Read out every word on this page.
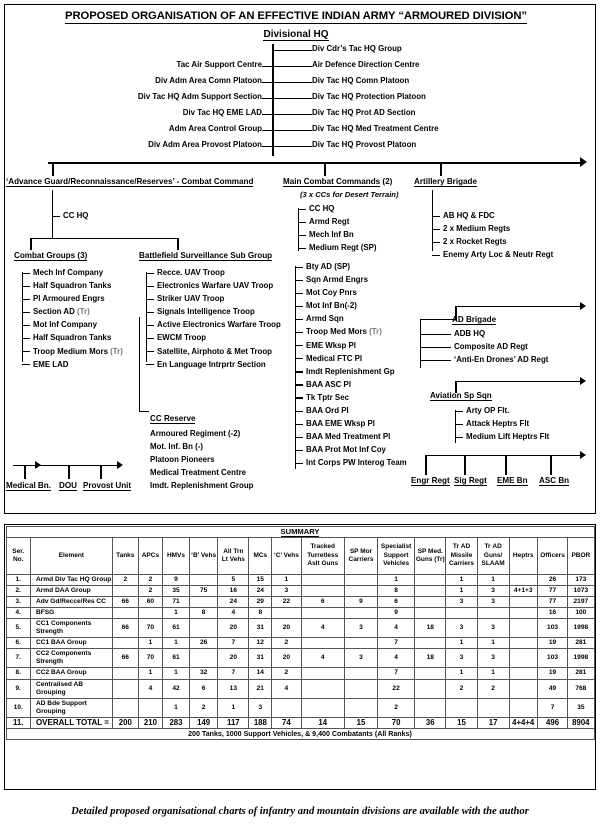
PROPOSED ORGANISATION OF AN EFFECTIVE INDIAN ARMY “ARMOURED DIVISION”
Divisional HQ
Div Cdr’s Tac HQ Group
Tac Air Support Centre	Air Defence Direction Centre
Div Adm Area Comn Platoon	Div Tac HQ Comn Platoon
Div Tac HQ Adm Support Section	Div Tac HQ Protection Platoon
Div Tac HQ EME LAD	Div Tac HQ Prot AD Section
Adm Area Control Group	Div Tac HQ Med Treatment Centre
Div Adm Area Provost Platoon	Div Tac HQ Provost Platoon
‘Advance Guard/Reconnaissance/Reserves’ - Combat Command
CC HQ
Combat Groups (3)
Mech Inf Company
Half Squadron Tanks
Pl Armoured Engrs
Section AD (Tr)
Mot Inf Company
Half Squadron Tanks
Troop Medium Mors (Tr)
EME LAD
Battlefield Surveillance Sub Group
Recce. UAV Troop
Electronics Warfare UAV Troop
Striker UAV Troop
Signals Intelligence Troop
Active Electronics Warfare Troop
EWCM Troop
Satellite, Airphoto & Met Troop
En Language Intrprtr Section
CC Reserve
Armoured Regiment (-2)
Mot. Inf. Bn (-)
Platoon Pioneers
Medical Treatment Centre
Imdt. Replenishment Group
Main Combat Commands (2)
(3 x CCs for Desert Terrain)
CC HQ
Armd Regt
Mech Inf Bn
Medium Regt (SP)
Bty AD (SP)
Sqn Armd Engrs
Mot Coy Pnrs
Mot Inf Bn(-2)
Armd Sqn
Troop Med Mors (Tr)
EME Wksp Pl
Medical FTC Pl
Imdt Replenishment Gp
BAA ASC Pl
Tk Tptr Sec
BAA Ord Pl
BAA EME Wksp Pl
BAA Med Treatment Pl
BAA Prot Mot Inf Coy
Int Corps PW Interog Team
Artillery Brigade
AB HQ & FDC
2 x Medium Regts
2 x Rocket Regts
Enemy Arty Loc & Neutr Regt
AD Brigade
ADB HQ
Composite AD Regt
‘Anti-En Drones’ AD Regt
Aviation Sp Sqn
Arty OP Flt.
Attack Heptrs Flt
Medium Lift Heptrs Flt
Engr Regt Sig Regt EME Bn ASC Bn
Medical Bn. DOU Provost Unit
SUMMARY																	
Ser. No.	Element	Tanks	APCs	HMVs	‘B’ Vehs	All Trn Lt Vehs	MCs	‘C’ Vehs	Tracked Turretless Aslt Guns	SP Mor Carriers	Specialist Support Vehicles	SP Med. Guns (Tr)	Tr AD Missile Carriers	Tr AD Guns/ SLAAM	Heptrs	Officers	PBOR
1.	Armd Div Tac HQ Group	2	2	9		5	15	1			1		1	1		26	173
2.	Armd DAA Group		2	35	75	16	24	3			8		1	3	4+1+3	77	1073
3.	Adv Gd/Recce/Res CC	66	60	71		24	29	22	6	9	6		3	3		77	2197
4.	BFSG			1	8	4	8				9					16	100
5.	CC1 Components Strength	66	70	61		20	31	20	4	3	4	18	3	3		103	1998
6.	CC1 BAA Group		1	1	26	7	12	2			7		1	1		19	281
7.	CC2 Components Strength	66	70	61		20	31	20	4	3	4	18	3	3		103	1998
8.	CC2 BAA Group		1	1	32	7	14	2			7		1	1		19	281
9.	Centralised AB Grouping		4	42	6	13	21	4			22		2	2		49	768
10.	AD Bde Support Grouping			1	2	1	3				2					7	35
11.	OVERALL TOTAL =	200	210	283	149	117	188	74	14	15	70	36	15	17	4+4+4	496	8904
200 Tanks, 1000 Support Vehicles, & 9,400 Combatants (All Ranks)																	
Detailed proposed organisational charts of infantry and mountain divisions are available with the author
